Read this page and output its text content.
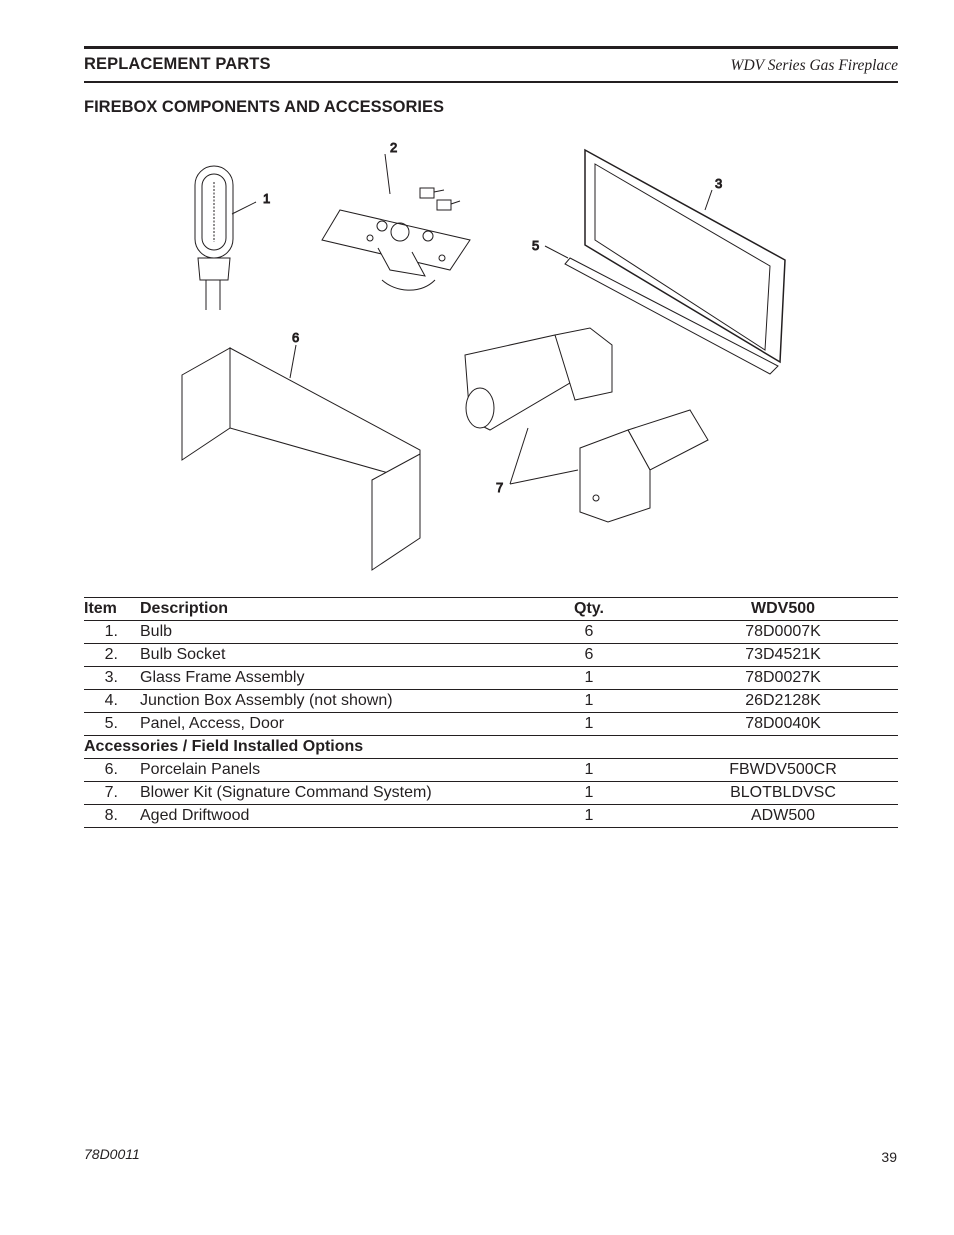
REPLACEMENT PARTS	WDV Series Gas Fireplace
FIREBOX COMPONENTS AND ACCESSORIES
1
2
3
5
6
7
Item	Description	Qty.	WDV500
1.	Bulb	6	78D0007K
2.	Bulb Socket	6	73D4521K
3.	Glass Frame Assembly	1	78D0027K
4.	Junction Box Assembly (not shown)	1	26D2128K
5.	Panel, Access, Door	1	78D0040K
Accessories / Field Installed Options			
6.	Porcelain Panels	1	FBWDV500CR
7.	Blower Kit (Signature Command System)	1	BLOTBLDVSC
8.	Aged Driftwood	1	ADW500
78D0011	39
